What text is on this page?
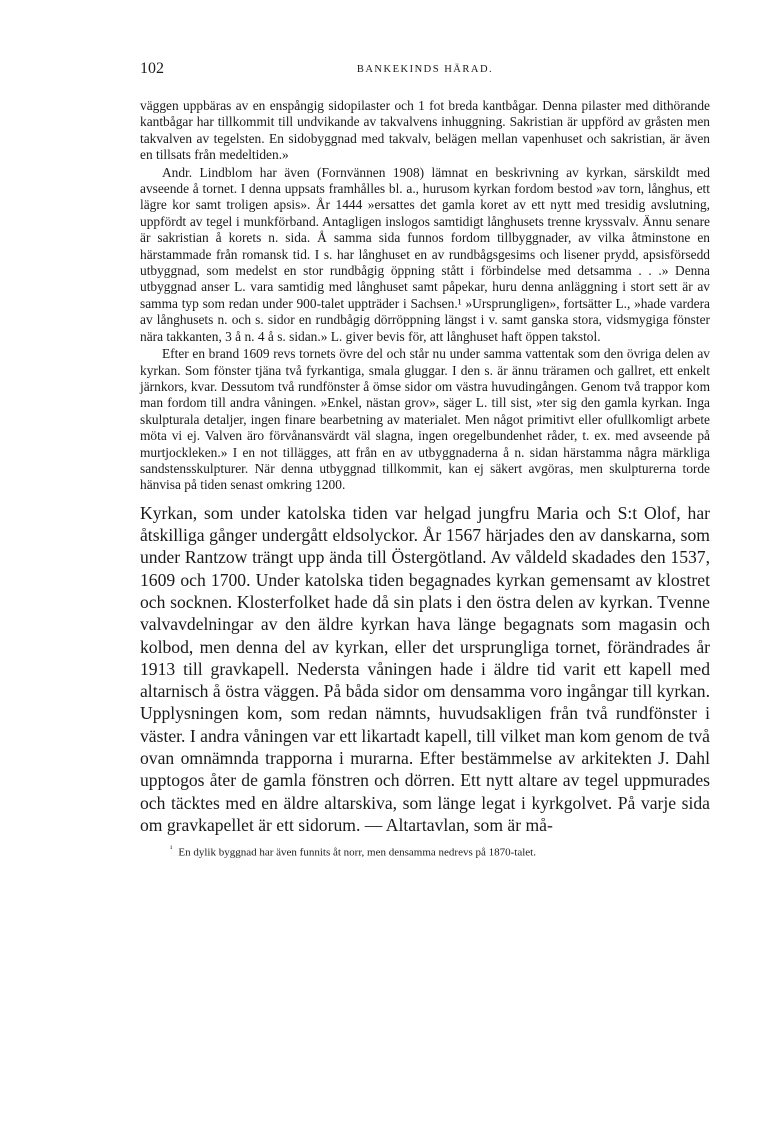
102	BANKEKINDS HÄRAD.

väggen uppbäras av en enspångig sidopilaster och 1 fot breda kantbågar. Denna pilaster med dithörande kantbågar har tillkommit till undvikande av takvalvens inhuggning. Sakristian är uppförd av gråsten men takvalven av tegelsten. En sidobyggnad med takvalv, belägen mellan vapenhuset och sakristian, är även en tillsats från medeltiden.»

Andr. Lindblom har även (Fornvännen 1908) lämnat en beskrivning av kyrkan, särskildt med avseende å tornet. I denna uppsats framhålles bl. a., hurusom kyrkan fordom bestod »av torn, långhus, ett lägre kor samt troligen apsis». År 1444 »ersattes det gamla koret av ett nytt med tresidig avslutning, uppfördt av tegel i munkförband. Antagligen inslogos samtidigt långhusets trenne kryssvalv. Ännu senare är sakristian å korets n. sida. Å samma sida funnos fordom tillbyggnader, av vilka åtminstone en härstammade från romansk tid. I s. har långhuset en av rundbågsgesims och lisener prydd, apsisförsedd utbyggnad, som medelst en stor rundbågig öppning stått i förbindelse med detsamma . . .» Denna utbyggnad anser L. vara samtidig med långhuset samt påpekar, huru denna anläggning i stort sett är av samma typ som redan under 900-talet uppträder i Sachsen.¹ »Ursprungligen», fortsätter L., »hade vardera av långhusets n. och s. sidor en rundbågig dörröppning längst i v. samt ganska stora, vidsmygiga fönster nära takkanten, 3 å n. 4 å s. sidan.» L. giver bevis för, att långhuset haft öppen takstol.

Efter en brand 1609 revs tornets övre del och står nu under samma vattentak som den övriga delen av kyrkan. Som fönster tjäna två fyrkantiga, smala gluggar. I den s. är ännu träramen och gallret, ett enkelt järnkors, kvar. Dessutom två rundfönster å ömse sidor om västra huvudingången. Genom två trappor kom man fordom till andra våningen. »Enkel, nästan grov», säger L. till sist, »ter sig den gamla kyrkan. Inga skulpturala detaljer, ingen finare bearbetning av materialet. Men något primitivt eller ofullkomligt arbete möta vi ej. Valven äro förvånansvärdt väl slagna, ingen oregelbundenhet råder, t. ex. med avseende på murtjockleken.» I en not tillägges, att från en av utbyggnaderna å n. sidan härstamma några märkliga sandstensskulpturer. När denna utbyggnad tillkommit, kan ej säkert avgöras, men skulpturerna torde hänvisa på tiden senast omkring 1200.

Kyrkan, som under katolska tiden var helgad jungfru Maria och S:t Olof, har åtskilliga gånger undergått eldsolyckor. År 1567 härjades den av danskarna, som under Rantzow trängt upp ända till Östergötland. Av våldeld skadades den 1537, 1609 och 1700. Under katolska tiden begagnades kyrkan gemensamt av klostret och socknen. Klosterfolket hade då sin plats i den östra delen av kyrkan. Tvenne valvavdelningar av den äldre kyrkan hava länge begagnats som magasin och kolbod, men denna del av kyrkan, eller det ursprungliga tornet, förändrades år 1913 till gravkapell. Nedersta våningen hade i äldre tid varit ett kapell med altarnisch å östra väggen. På båda sidor om densamma voro ingångar till kyrkan. Upplysningen kom, som redan nämnts, huvudsakligen från två rundfönster i väster. I andra våningen var ett likartadt kapell, till vilket man kom genom de två ovan omnämnda trapporna i murarna. Efter bestämmelse av arkitekten J. Dahl upptogos åter de gamla fönstren och dörren. Ett nytt altare av tegel uppmurades och täcktes med en äldre altarskiva, som länge legat i kyrkgolvet. På varje sida om gravkapellet är ett sidorum. — Altartavlan, som är må-

$^{^1}$ En dylik byggnad har även funnits åt norr, men densamma nedrevs på 1870-talet.
